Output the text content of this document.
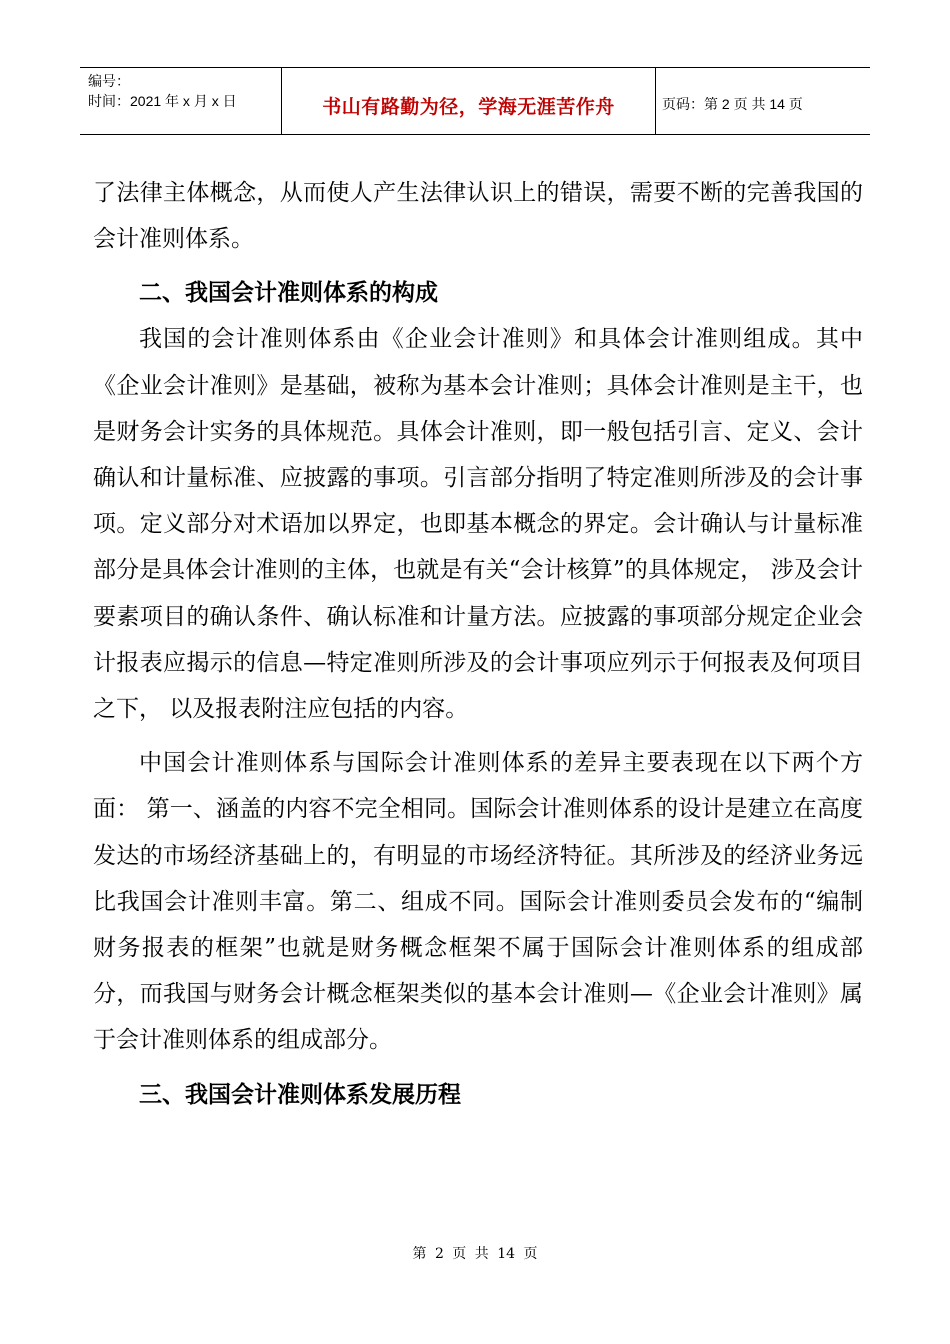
编号：
时间：2021 年 x 月 x 日	书山有路勤为径，学海无涯苦作舟	页码：第 2 页 共 14 页

了法律主体概念，从而使人产生法律认识上的错误，需要不断的完善我国的会计准则体系。

二、我国会计准则体系的构成

我国的会计准则体系由《企业会计准则》和具体会计准则组成。其中《企业会计准则》是基础，被称为基本会计准则；具体会计准则是主干，也是财务会计实务的具体规范。具体会计准则，即一般包括引言、定义、会计确认和计量标准、应披露的事项。引言部分指明了特定准则所涉及的会计事项。定义部分对术语加以界定，也即基本概念的界定。会计确认与计量标准部分是具体会计准则的主体，也就是有关“会计核算”的具体规定， 涉及会计要素项目的确认条件、确认标准和计量方法。应披露的事项部分规定企业会计报表应揭示的信息—特定准则所涉及的会计事项应列示于何报表及何项目之下， 以及报表附注应包括的内容。

中国会计准则体系与国际会计准则体系的差异主要表现在以下两个方面： 第一、涵盖的内容不完全相同。国际会计准则体系的设计是建立在高度发达的市场经济基础上的，有明显的市场经济特征。其所涉及的经济业务远比我国会计准则丰富。第二、组成不同。国际会计准则委员会发布的“编制财务报表的框架”也就是财务概念框架不属于国际会计准则体系的组成部分，而我国与财务会计概念框架类似的基本会计准则—《企业会计准则》属于会计准则体系的组成部分。

三、我国会计准则体系发展历程
第 2 页 共 14 页
